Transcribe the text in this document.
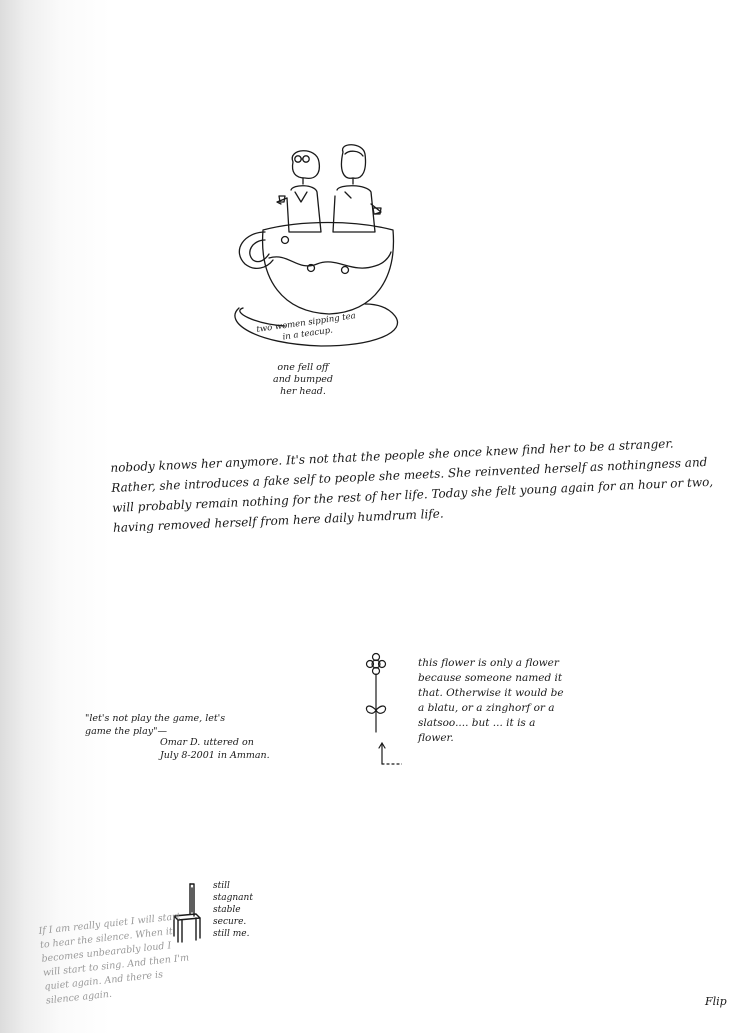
two women sipping tea in a teacup.
one fell off and bumped her head.
nobody knows her anymore. It's not that the people she once knew find her to be a stranger. Rather, she introduces a fake self to people she meets. She reinvented herself as nothingness and will probably remain nothing for the rest of her life. Today she felt young again for an hour or two, having removed herself from here daily humdrum life.
this flower is only a flower because someone named it that. Otherwise it would be a blatu, or a zinghorf or a slatsoo.... but ... it is a flower.
"let's not play the game, let's game the play"—
Omar D. uttered on July 8-2001 in Amman.
still stagnant stable secure. still me.
If I am really quiet I will start to hear the silence. When it becomes unbearably loud I will start to sing. And then I'm quiet again. And there is silence again.	Flip
